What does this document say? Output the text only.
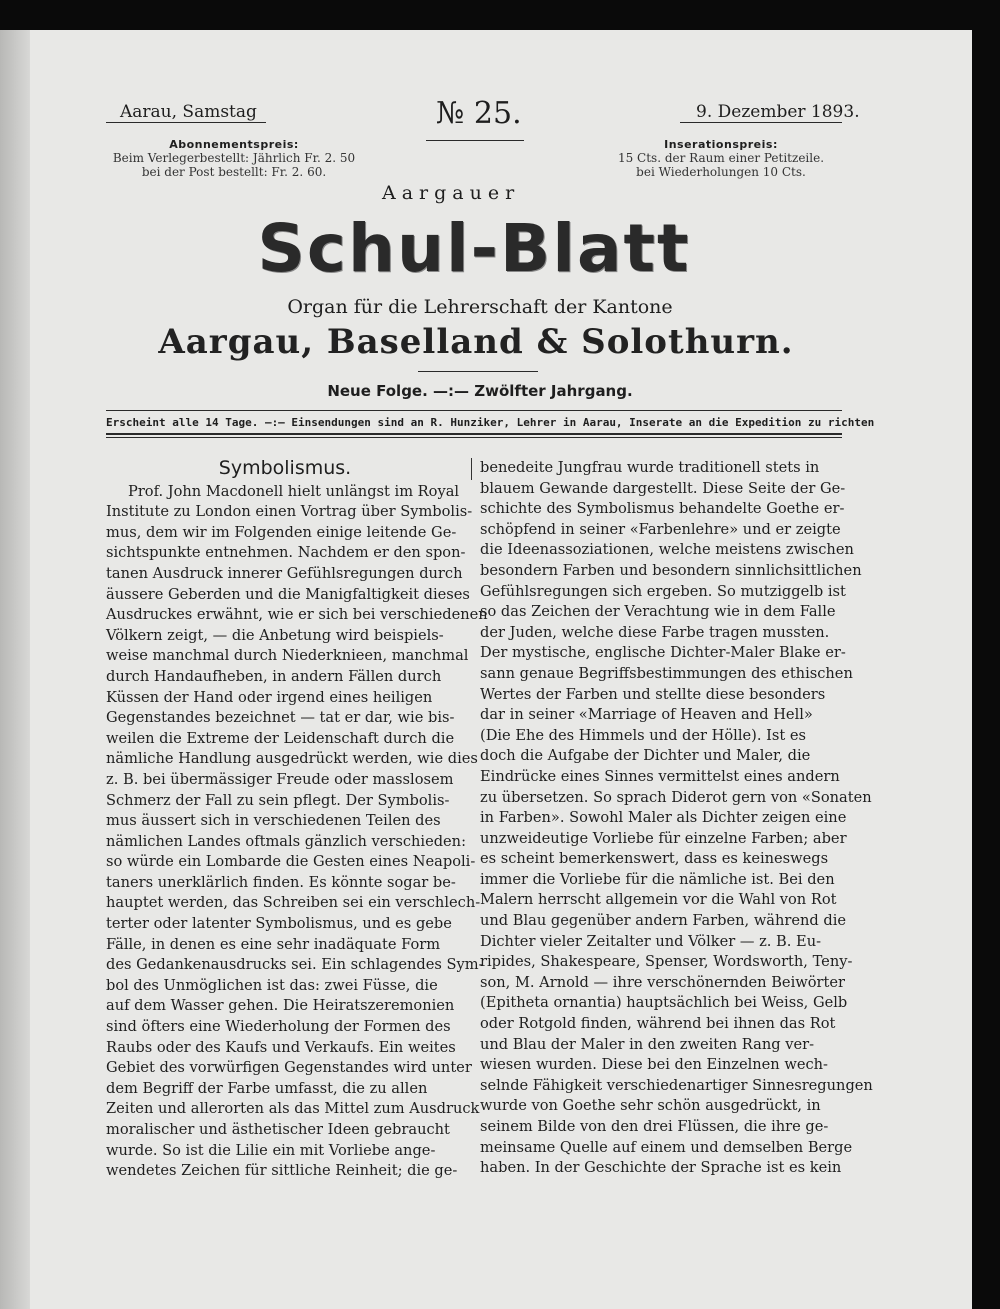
Aarau, Samstag	№ 25.	9. Dezember 1893.
Abonnementspreis:
Beim Verlegerbestellt: Jährlich Fr. 2. 50
bei der Post bestellt: Fr. 2. 60.
Inserationspreis:
15 Cts. der Raum einer Petitzeile.
bei Wiederholungen 10 Cts.
Aargauer
Schul-Blatt
Organ für die Lehrerschaft der Kantone
Aargau, Baselland & Solothurn.
Neue Folge. —:— Zwölfter Jahrgang.
Erscheint alle 14 Tage. —:— Einsendungen sind an R. Hunziker, Lehrer in Aarau, Inserate an die Expedition zu richten
Symbolismus.
Prof. John Macdonell hielt unlängst im Royal
Institute zu London einen Vortrag über Symbolis-
mus, dem wir im Folgenden einige leitende Ge-
sichtspunkte entnehmen. Nachdem er den spon-
tanen Ausdruck innerer Gefühlsregungen durch
äussere Geberden und die Manigfaltigkeit dieses
Ausdruckes erwähnt, wie er sich bei verschiedenen
Völkern zeigt, — die Anbetung wird beispiels-
weise manchmal durch Niederknieen, manchmal
durch Handaufheben, in andern Fällen durch
Küssen der Hand oder irgend eines heiligen
Gegenstandes bezeichnet — tat er dar, wie bis-
weilen die Extreme der Leidenschaft durch die
nämliche Handlung ausgedrückt werden, wie dies
z. B. bei übermässiger Freude oder masslosem
Schmerz der Fall zu sein pflegt. Der Symbolis-
mus äussert sich in verschiedenen Teilen des
nämlichen Landes oftmals gänzlich verschieden:
so würde ein Lombarde die Gesten eines Neapoli-
taners unerklärlich finden. Es könnte sogar be-
hauptet werden, das Schreiben sei ein verschlech-
terter oder latenter Symbolismus, und es gebe
Fälle, in denen es eine sehr inadäquate Form
des Gedankenausdrucks sei. Ein schlagendes Sym-
bol des Unmöglichen ist das: zwei Füsse, die
auf dem Wasser gehen. Die Heiratszeremonien
sind öfters eine Wiederholung der Formen des
Raubs oder des Kaufs und Verkaufs. Ein weites
Gebiet des vorwürfigen Gegenstandes wird unter
dem Begriff der Farbe umfasst, die zu allen
Zeiten und allerorten als das Mittel zum Ausdruck
moralischer und ästhetischer Ideen gebraucht
wurde. So ist die Lilie ein mit Vorliebe ange-
wendetes Zeichen für sittliche Reinheit; die ge-
benedeite Jungfrau wurde traditionell stets in
blauem Gewande dargestellt. Diese Seite der Ge-
schichte des Symbolismus behandelte Goethe er-
schöpfend in seiner «Farbenlehre» und er zeigte
die Ideenassoziationen, welche meistens zwischen
besondern Farben und besondern sinnlichsittlichen
Gefühlsregungen sich ergeben. So mutziggelb ist
so das Zeichen der Verachtung wie in dem Falle
der Juden, welche diese Farbe tragen mussten.
Der mystische, englische Dichter-Maler Blake er-
sann genaue Begriffsbestimmungen des ethischen
Wertes der Farben und stellte diese besonders
dar in seiner «Marriage of Heaven and Hell»
(Die Ehe des Himmels und der Hölle). Ist es
doch die Aufgabe der Dichter und Maler, die
Eindrücke eines Sinnes vermittelst eines andern
zu übersetzen. So sprach Diderot gern von «Sonaten
in Farben». Sowohl Maler als Dichter zeigen eine
unzweideutige Vorliebe für einzelne Farben; aber
es scheint bemerkenswert, dass es keineswegs
immer die Vorliebe für die nämliche ist. Bei den
Malern herrscht allgemein vor die Wahl von Rot
und Blau gegenüber andern Farben, während die
Dichter vieler Zeitalter und Völker — z. B. Eu-
ripides, Shakespeare, Spenser, Wordsworth, Teny-
son, M. Arnold — ihre verschönernden Beiwörter
(Epitheta ornantia) hauptsächlich bei Weiss, Gelb
oder Rotgold finden, während bei ihnen das Rot
und Blau der Maler in den zweiten Rang ver-
wiesen wurden. Diese bei den Einzelnen wech-
selnde Fähigkeit verschiedenartiger Sinnesregungen
wurde von Goethe sehr schön ausgedrückt, in
seinem Bilde von den drei Flüssen, die ihre ge-
meinsame Quelle auf einem und demselben Berge
haben. In der Geschichte der Sprache ist es kein
